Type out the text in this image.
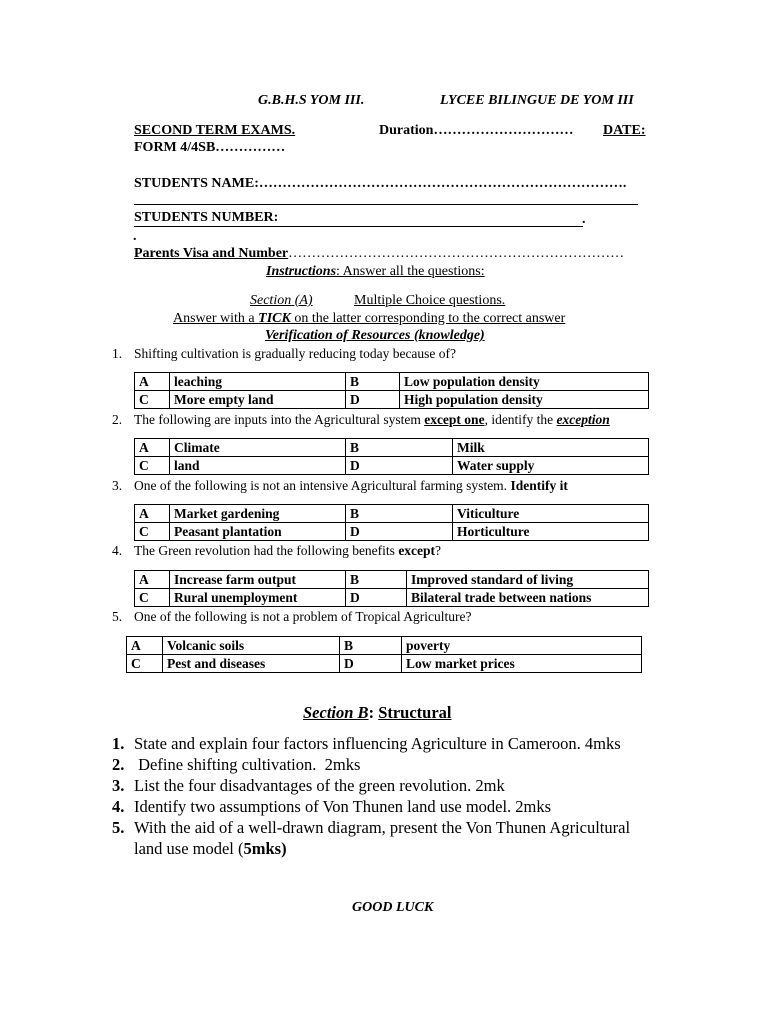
G.B.H.S YOM III.	LYCEE BILINGUE DE YOM III
SECOND TERM EXAMS.	Duration………………………… DATE:
FORM 4/4SB……………
STUDENTS NAME:…………………………………………………………………….
STUDENTS NUMBER:	.
.
Parents Visa and Number………………………………………………………………
Instructions: Answer all the questions:
Section (A)	Multiple Choice questions.
Answer with a TICK on the latter corresponding to the correct answer
Verification of Resources (knowledge)
1. Shifting cultivation is gradually reducing today because of?
A	leaching	B	Low population density
C	More empty land	D	High population density
2. The following are inputs into the Agricultural system except one, identify the exception
A	Climate	B	Milk
C	land	D	Water supply
3. One of the following is not an intensive Agricultural farming system. Identify it
A	Market gardening	B	Viticulture
C	Peasant plantation	D	Horticulture
4. The Green revolution had the following benefits except?
A	Increase farm output	B	Improved standard of living
C	Rural unemployment	D	Bilateral trade between nations
5. One of the following is not a problem of Tropical Agriculture?
A	Volcanic soils	B	poverty
C	Pest and diseases	D	Low market prices
Section B: Structural
1. State and explain four factors influencing Agriculture in Cameroon. 4mks
2. Define shifting cultivation.  2mks
3. List the four disadvantages of the green revolution. 2mk
4. Identify two assumptions of Von Thunen land use model. 2mks
5. With the aid of a well-drawn diagram, present the Von Thunen Agricultural
land use model (5mks)
GOOD LUCK
